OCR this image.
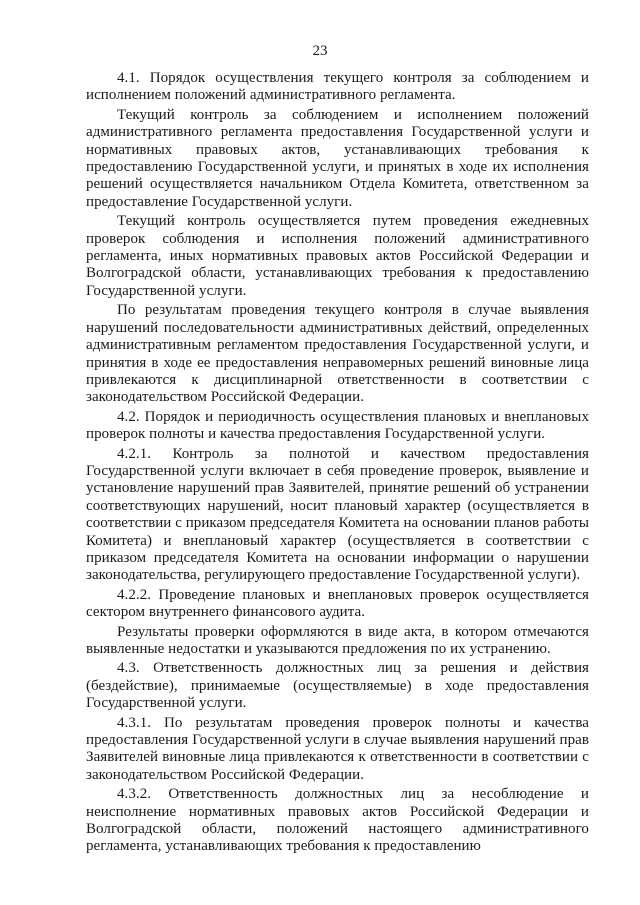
23

4.1. Порядок осуществления текущего контроля за соблюдением и исполнением положений административного регламента.

Текущий контроль за соблюдением и исполнением положений административного регламента предоставления Государственной услуги и нормативных правовых актов, устанавливающих требования к предоставлению Государственной услуги, и принятых в ходе их исполнения решений осуществляется начальником Отдела Комитета, ответственном за предоставление Государственной услуги.

Текущий контроль осуществляется путем проведения ежедневных проверок соблюдения и исполнения положений административного регламента, иных нормативных правовых актов Российской Федерации и Волгоградской области, устанавливающих требования к предоставлению Государственной услуги.

По результатам проведения текущего контроля в случае выявления нарушений последовательности административных действий, определенных административным регламентом предоставления Государственной услуги, и принятия в ходе ее предоставления неправомерных решений виновные лица привлекаются к дисциплинарной ответственности в соответствии с законодательством Российской Федерации.

4.2. Порядок и периодичность осуществления плановых и внеплановых проверок полноты и качества предоставления Государственной услуги.

4.2.1. Контроль за полнотой и качеством предоставления Государственной услуги включает в себя проведение проверок, выявление и установление нарушений прав Заявителей, принятие решений об устранении соответствующих нарушений, носит плановый характер (осуществляется в соответствии с приказом председателя Комитета на основании планов работы Комитета) и внеплановый характер (осуществляется в соответствии с приказом председателя Комитета на основании информации о нарушении законодательства, регулирующего предоставление Государственной услуги).

4.2.2. Проведение плановых и внеплановых проверок осуществляется сектором внутреннего финансового аудита.

Результаты проверки оформляются в виде акта, в котором отмечаются выявленные недостатки и указываются предложения по их устранению.

4.3. Ответственность должностных лиц за решения и действия (бездействие), принимаемые (осуществляемые) в ходе предоставления Государственной услуги.

4.3.1. По результатам проведения проверок полноты и качества предоставления Государственной услуги в случае выявления нарушений прав Заявителей виновные лица привлекаются к ответственности в соответствии с законодательством Российской Федерации.

4.3.2. Ответственность должностных лиц за несоблюдение и неисполнение нормативных правовых актов Российской Федерации и Волгоградской области, положений настоящего административного регламента, устанавливающих требования к предоставлению
